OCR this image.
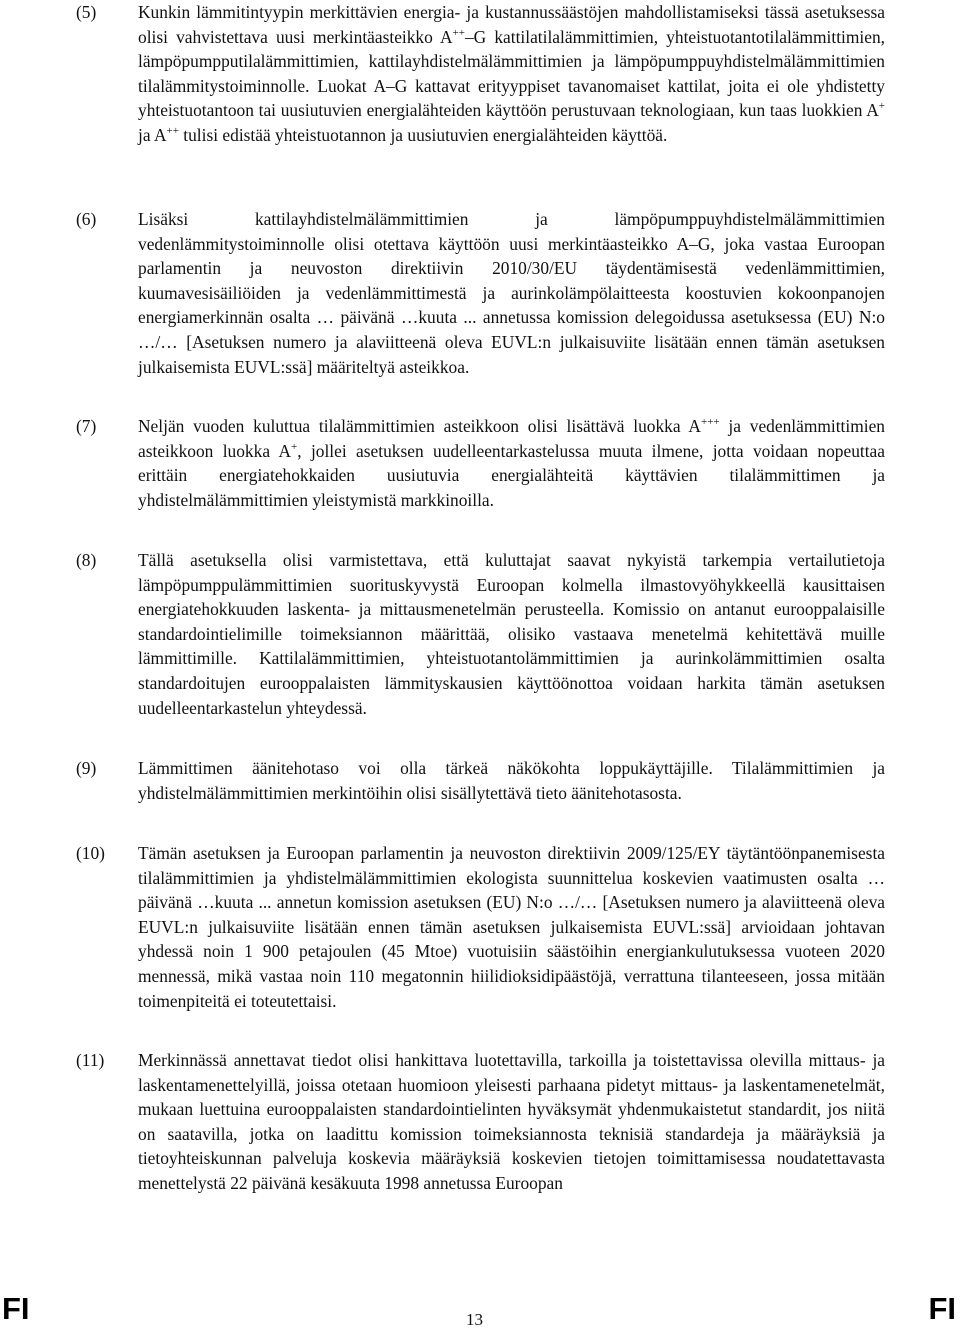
(5) Kunkin lämmitintyypin merkittävien energia- ja kustannussäästöjen mahdollistamiseksi tässä asetuksessa olisi vahvistettava uusi merkintäasteikko A++–G kattilatilalämmittimien, yhteistuotantotilalämmittimien, lämpöpumpputilalämmittimien, kattilayhdistelmälämmittimien ja lämpöpumppuyhdistelmälämmittimien tilalämmitystoiminnolle. Luokat A–G kattavat erityyppiset tavanomaiset kattilat, joita ei ole yhdistetty yhteistuotantoon tai uusiutuvien energialähteiden käyttöön perustuvaan teknologiaan, kun taas luokkien A+ ja A++ tulisi edistää yhteistuotannon ja uusiutuvien energialähteiden käyttöä.

(6) Lisäksi kattilayhdistelmälämmittimien ja lämpöpumppuyhdistelmälämmittimien vedenlämmitystoiminnolle olisi otettava käyttöön uusi merkintäasteikko A–G, joka vastaa Euroopan parlamentin ja neuvoston direktiivin 2010/30/EU täydentämisestä vedenlämmittimien, kuumavesisäiliöiden ja vedenlämmittimestä ja aurinkolämpölaitteesta koostuvien kokoonpanojen energiamerkinnän osalta … päivänä …kuuta ... annetussa komission delegoidussa asetuksessa (EU) N:o …/… [Asetuksen numero ja alaviitteenä oleva EUVL:n julkaisuviite lisätään ennen tämän asetuksen julkaisemista EUVL:ssä] määriteltyä asteikkoa.

(7) Neljän vuoden kuluttua tilalämmittimien asteikkoon olisi lisättävä luokka A+++ ja vedenlämmittimien asteikkoon luokka A+, jollei asetuksen uudelleentarkastelussa muuta ilmene, jotta voidaan nopeuttaa erittäin energiatehokkaiden uusiutuvia energialähteitä käyttävien tilalämmittimen ja yhdistelmälämmittimien yleistymistä markkinoilla.

(8) Tällä asetuksella olisi varmistettava, että kuluttajat saavat nykyistä tarkempia vertailutietoja lämpöpumppulämmittimien suorituskyvystä Euroopan kolmella ilmastovyöhykkeellä kausittaisen energiatehokkuuden laskenta- ja mittausmenetelmän perusteella. Komissio on antanut eurooppalaisille standardointielimille toimeksiannon määrittää, olisiko vastaava menetelmä kehitettävä muille lämmittimille. Kattilalämmittimien, yhteistuotantolämmittimien ja aurinkolämmittimien osalta standardoitujen eurooppalaisten lämmityskausien käyttöönottoa voidaan harkita tämän asetuksen uudelleentarkastelun yhteydessä.

(9) Lämmittimen äänitehotaso voi olla tärkeä näkökohta loppukäyttäjille. Tilalämmittimien ja yhdistelmälämmittimien merkintöihin olisi sisällytettävä tieto äänitehotasosta.

(10) Tämän asetuksen ja Euroopan parlamentin ja neuvoston direktiivin 2009/125/EY täytäntöönpanemisesta tilalämmittimien ja yhdistelmälämmittimien ekologista suunnittelua koskevien vaatimusten osalta … päivänä …kuuta ... annetun komission asetuksen (EU) N:o …/… [Asetuksen numero ja alaviitteenä oleva EUVL:n julkaisuviite lisätään ennen tämän asetuksen julkaisemista EUVL:ssä] arvioidaan johtavan yhdessä noin 1 900 petajoulen (45 Mtoe) vuotuisiin säästöihin energiankulutuksessa vuoteen 2020 mennessä, mikä vastaa noin 110 megatonnin hiilidioksidipäästöjä, verrattuna tilanteeseen, jossa mitään toimenpiteitä ei toteutettaisi.

(11) Merkinnässä annettavat tiedot olisi hankittava luotettavilla, tarkoilla ja toistettavissa olevilla mittaus- ja laskentamenettelyillä, joissa otetaan huomioon yleisesti parhaana pidetyt mittaus- ja laskentamenetelmät, mukaan luettuina eurooppalaisten standardointielinten hyväksymät yhdenmukaistetut standardit, jos niitä on saatavilla, jotka on laadittu komission toimeksiannosta teknisiä standardeja ja määräyksiä ja tietoyhteiskunnan palveluja koskevia määräyksiä koskevien tietojen toimittamisessa noudatettavasta menettelystä 22 päivänä kesäkuuta 1998 annetussa Euroopan

FI	13	FI
